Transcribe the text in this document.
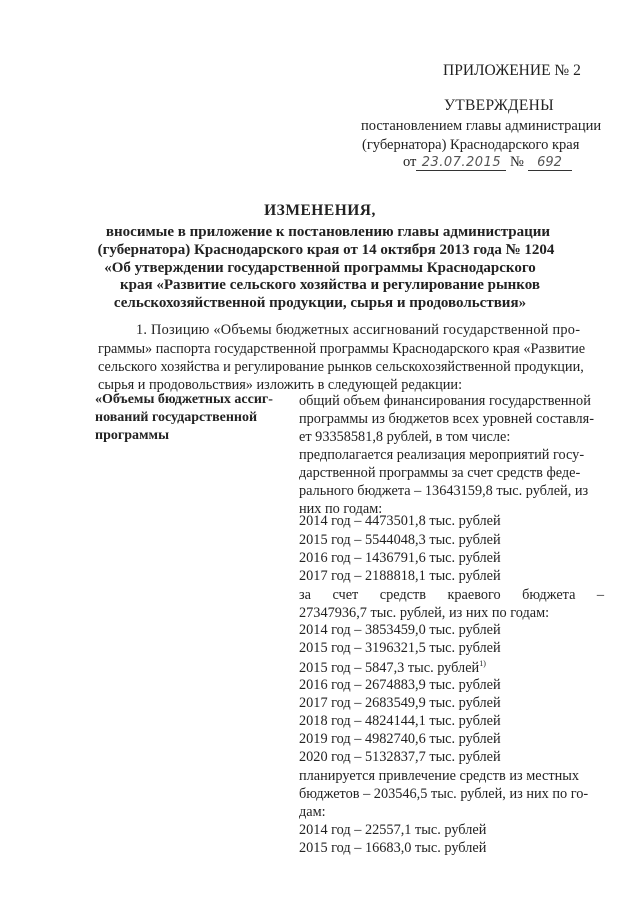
ПРИЛОЖЕНИЕ № 2
УТВЕРЖДЕНЫ
постановлением главы администрации
(губернатора) Краснодарского края
от 23.07.2015 № 692
ИЗМЕНЕНИЯ,
вносимые в приложение к постановлению главы администрации
(губернатора) Краснодарского края от 14 октября 2013 года № 1204
«Об утверждении государственной программы Краснодарского
края «Развитие сельского хозяйства и регулирование рынков
сельскохозяйственной продукции, сырья и продовольствия»
1. Позицию «Объемы бюджетных ассигнований государственной про-
граммы» паспорта государственной программы Краснодарского края «Развитие
сельского хозяйства и регулирование рынков сельскохозяйственной продукции,
сырья и продовольствия» изложить в следующей редакции:
«Объемы бюджетных ассиг-
нований государственной
программы
общий объем финансирования государственной
программы из бюджетов всех уровней составля-
ет 93358581,8 рублей, в том числе:
предполагается реализация мероприятий госу-
дарственной программы за счет средств феде-
рального бюджета – 13643159,8 тыс. рублей, из
них по годам:
2014 год – 4473501,8 тыс. рублей
2015 год – 5544048,3 тыс. рублей
2016 год – 1436791,6 тыс. рублей
2017 год – 2188818,1 тыс. рублей
за      счет      средств      краевого      бюджета      –
27347936,7 тыс. рублей, из них по годам:
2014 год – 3853459,0 тыс. рублей
2015 год – 3196321,5 тыс. рублей
2015 год – 5847,3 тыс. рублей$^{1)}$
2016 год – 2674883,9 тыс. рублей
2017 год – 2683549,9 тыс. рублей
2018 год – 4824144,1 тыс. рублей
2019 год – 4982740,6 тыс. рублей
2020 год – 5132837,7 тыс. рублей
планируется привлечение средств из местных
бюджетов – 203546,5 тыс. рублей, из них по го-
дам:
2014 год – 22557,1 тыс. рублей
2015 год – 16683,0 тыс. рублей
